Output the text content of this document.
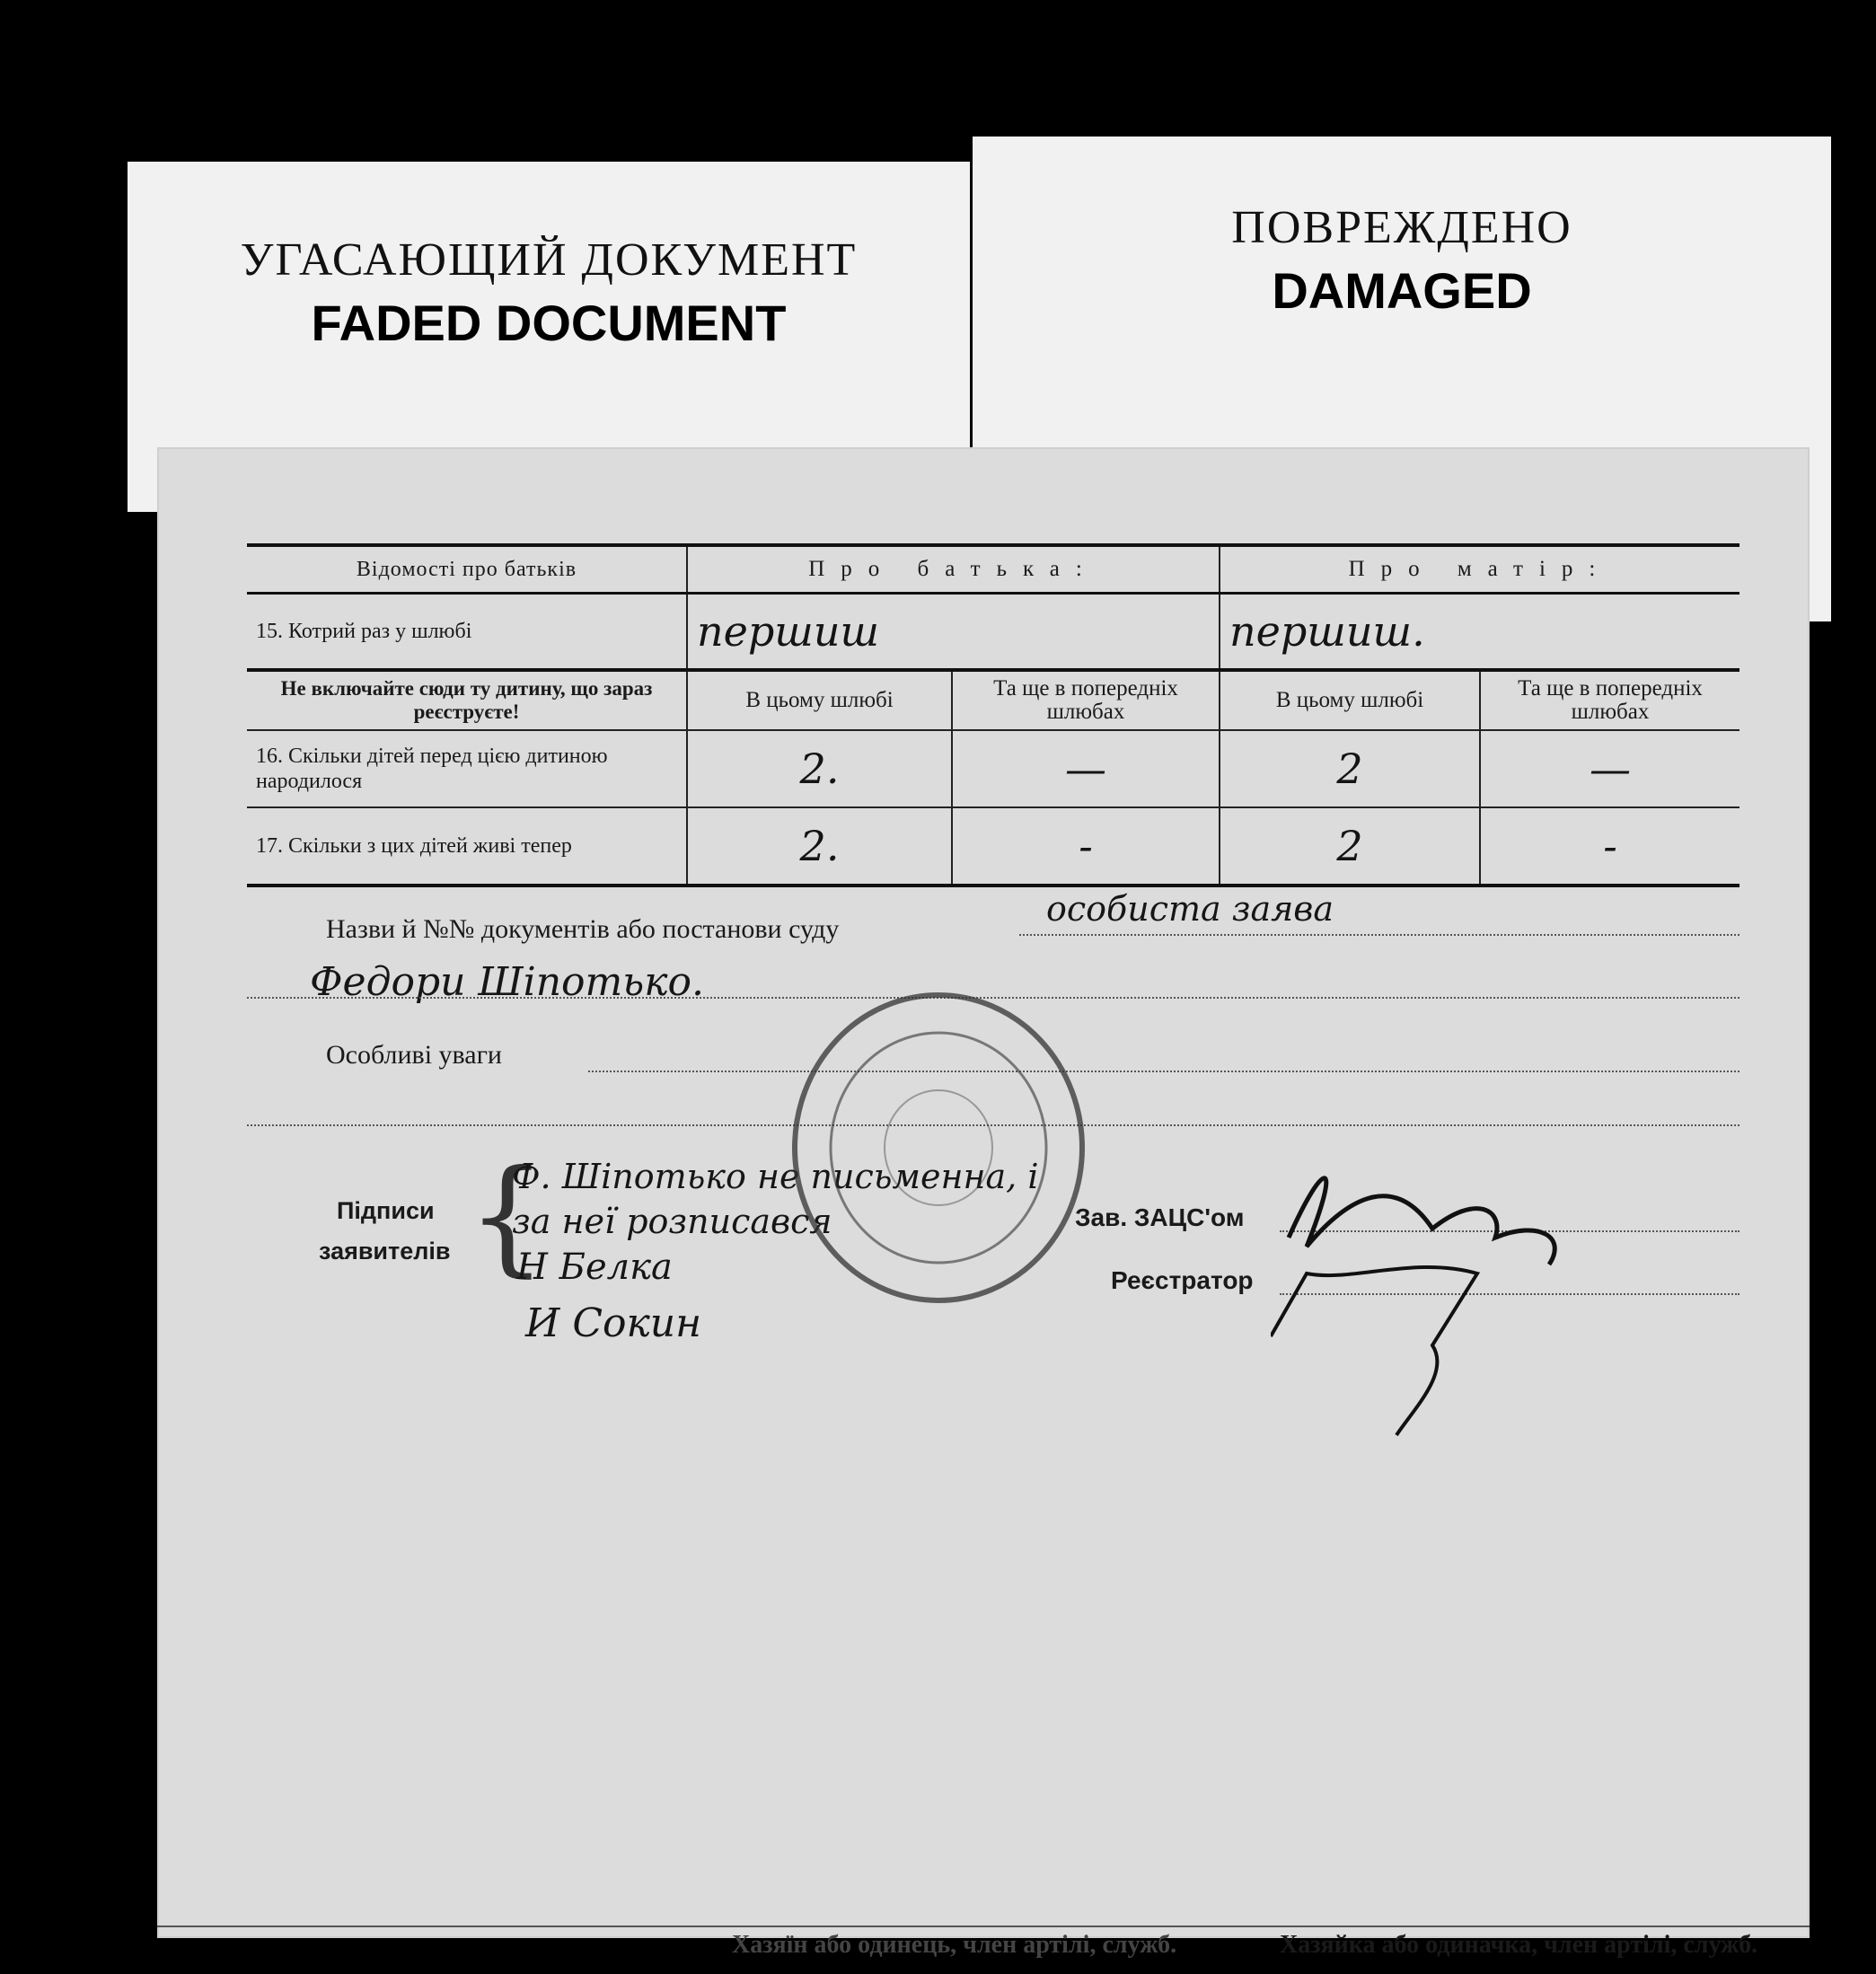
УГАСАЮЩИЙ ДОКУМЕНТ
FADED DOCUMENT
ПОВРЕЖДЕНО
DAMAGED
Відомості про батьків	Про батька:		Про матір:	
15. Котрий раз у шлюбі	першиш		першиш.	
Не включайте сюди ту дитину, що зараз реєструєте!	В цьому шлюбі	Та ще в попередніх шлюбах	В цьому шлюбі	Та ще в попередніх шлюбах
16. Скільки дітей перед цією дитиною народилося	2.	—	2	—
17. Скільки з цих дітей живі тепер	2.	-	2	-
Назви й №№ документів або постанови суду
особиста заява
Федори Шіпотько.
Особливі уваги
Підписи
заявителів {
Ф. Шіпотько не письменна, і
за неї розписався
Н Белка
И Сокин
Зав. ЗАЦС'ом
Реєстратор
Хазяїн або одинець, член артілі, служб.	Хазяйка або одиначка, член артілі, служб.
